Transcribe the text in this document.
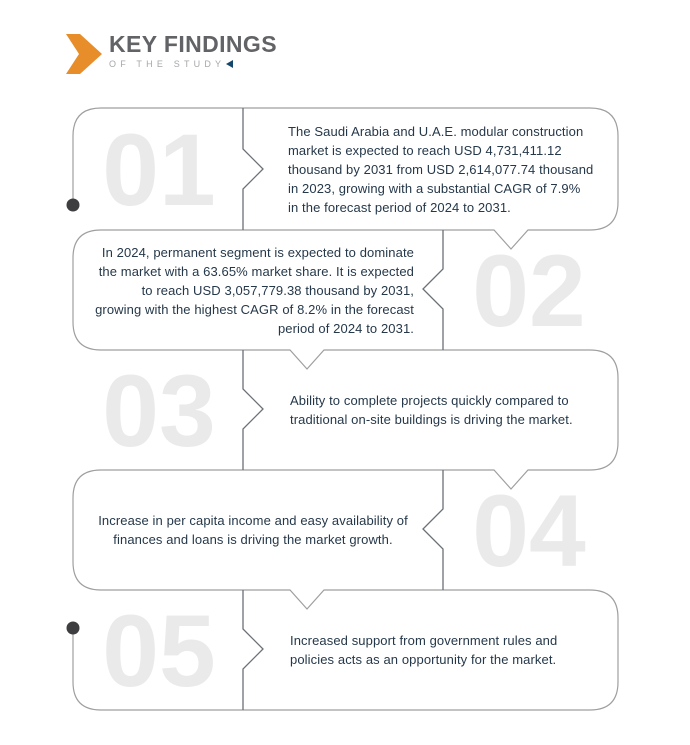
KEY FINDINGS
OF THE STUDY
01	The Saudi Arabia and U.A.E. modular construction market is expected to reach USD 4,731,411.12 thousand by 2031 from USD 2,614,077.74 thousand in 2023, growing with a substantial CAGR of 7.9% in the forecast period of 2024 to 2031.
02
In 2024, permanent segment is expected to dominate the market with a 63.65% market share. It is expected to reach USD 3,057,779.38 thousand by 2031, growing with the highest CAGR of 8.2% in the forecast period of 2024 to 2031.
03	Ability to complete projects quickly compared to traditional on-site buildings is driving the market.
04
Increase in per capita income and easy availability of finances and loans is driving the market growth.
05	Increased support from government rules and policies acts as an opportunity for the market.
